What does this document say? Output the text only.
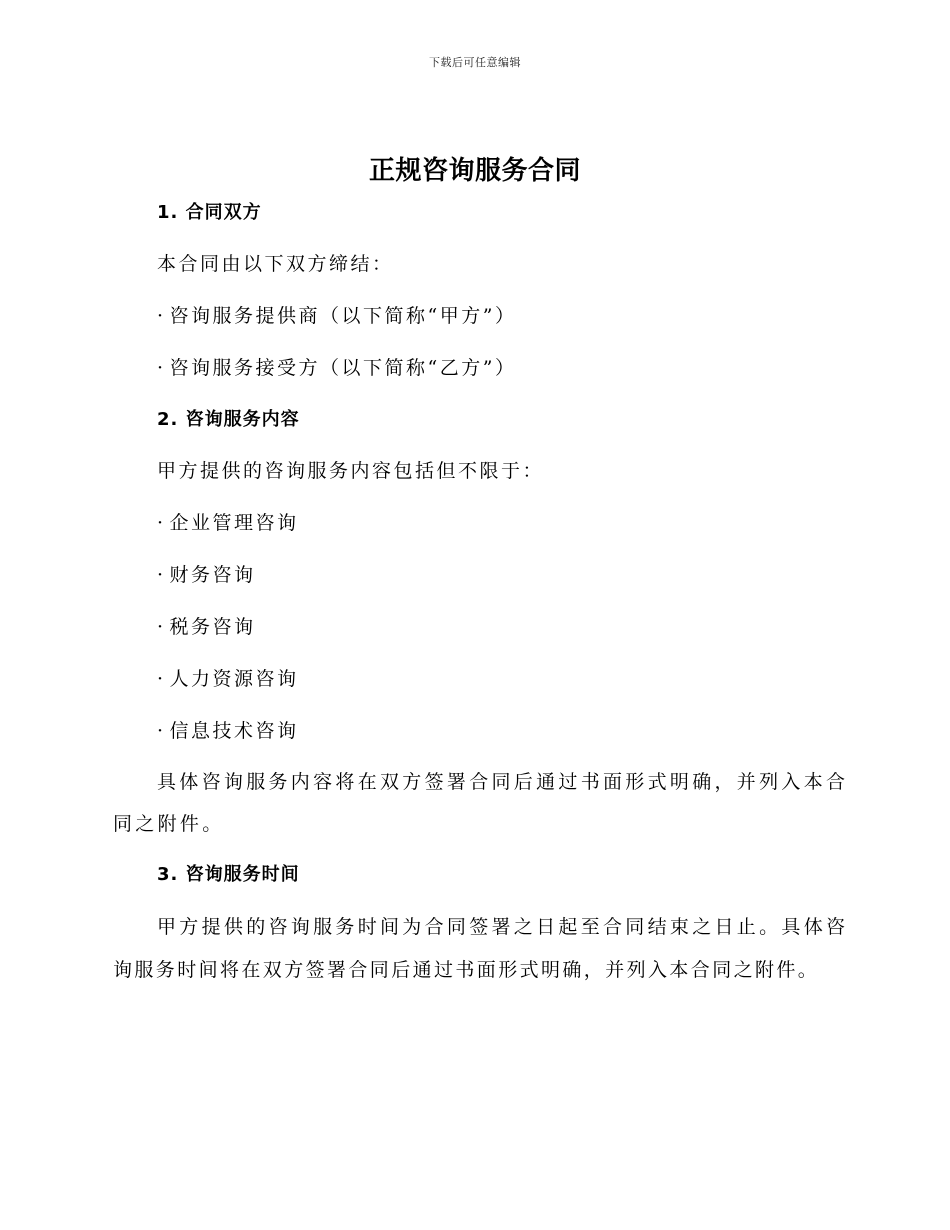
下载后可任意编辑
正规咨询服务合同
1. 合同双方
本合同由以下双方缔结：
· 咨询服务提供商（以下简称“甲方”）
· 咨询服务接受方（以下简称“乙方”）
2. 咨询服务内容
甲方提供的咨询服务内容包括但不限于：
· 企业管理咨询
· 财务咨询
· 税务咨询
· 人力资源咨询
· 信息技术咨询
具体咨询服务内容将在双方签署合同后通过书面形式明确，并列入本合
同之附件。
3. 咨询服务时间
甲方提供的咨询服务时间为合同签署之日起至合同结束之日止。具体咨
询服务时间将在双方签署合同后通过书面形式明确，并列入本合同之附件。
